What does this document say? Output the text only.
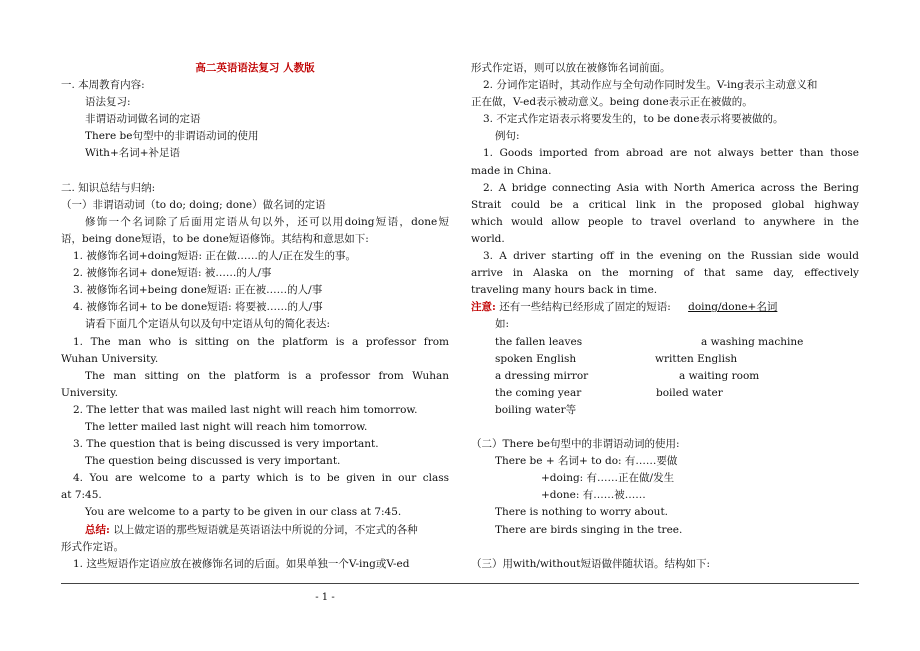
高二英语语法复习 人教版
一. 本周教育内容:
语法复习:
非谓语动词做名词的定语
There be句型中的非谓语动词的使用
With+名词+补足语
二. 知识总结与归纳:
（一）非谓语动词（to do; doing; done）做名词的定语
修饰一个名词除了后面用定语从句以外，还可以用doing短语，done短
语，being done短语，to be done短语修饰。其结构和意思如下:
1. 被修饰名词+doing短语: 正在做……的人/正在发生的事。
2. 被修饰名词+ done短语: 被……的人/事
3. 被修饰名词+being done短语: 正在被……的人/事
4. 被修饰名词+ to be done短语: 将要被……的人/事
请看下面几个定语从句以及句中定语从句的简化表达:
1. The man who is sitting on the platform is a professor from
Wuhan University.
The man sitting on the platform is a professor from Wuhan
University.
2. The letter that was mailed last night will reach him tomorrow.
The letter mailed last night will reach him tomorrow.
3. The question that is being discussed is very important.
The question being discussed is very important.
4. You are welcome to a party which is to be given in our class
at 7:45.
You are welcome to a party to be given in our class at 7:45.
总结: 以上做定语的那些短语就是英语语法中所说的分词，不定式的各种
形式作定语。
1. 这些短语作定语应放在被修饰名词的后面。如果单独一个V-ing或V-ed
形式作定语，则可以放在被修饰名词前面。
2. 分词作定语时，其动作应与全句动作同时发生。V-ing表示主动意义和
正在做，V-ed表示被动意义。being done表示正在被做的。
3. 不定式作定语表示将要发生的，to be done表示将要被做的。
例句:
1. Goods imported from abroad are not always better than those
made in China.
2. A bridge connecting Asia with North America across the Bering
Strait could be a critical link in the proposed global highway
which would allow people to travel overland to anywhere in the
world.
3. A driver starting off in the evening on the Russian side would
arrive in Alaska on the morning of that same day, effectively
traveling many hours back in time.
注意: 还有一些结构已经形成了固定的短语: doing/done+名词
如:
the fallen leaves	a washing machine
spoken English	written English
a dressing mirror	a waiting room
the coming year	boiled water
boiling water等
（二）There be句型中的非谓语动词的使用:
There be + 名词+ to do: 有……要做
+doing: 有……正在做/发生
+done: 有……被……
There is nothing to worry about.
There are birds singing in the tree.
（三）用with/without短语做伴随状语。结构如下:
- 1 -
